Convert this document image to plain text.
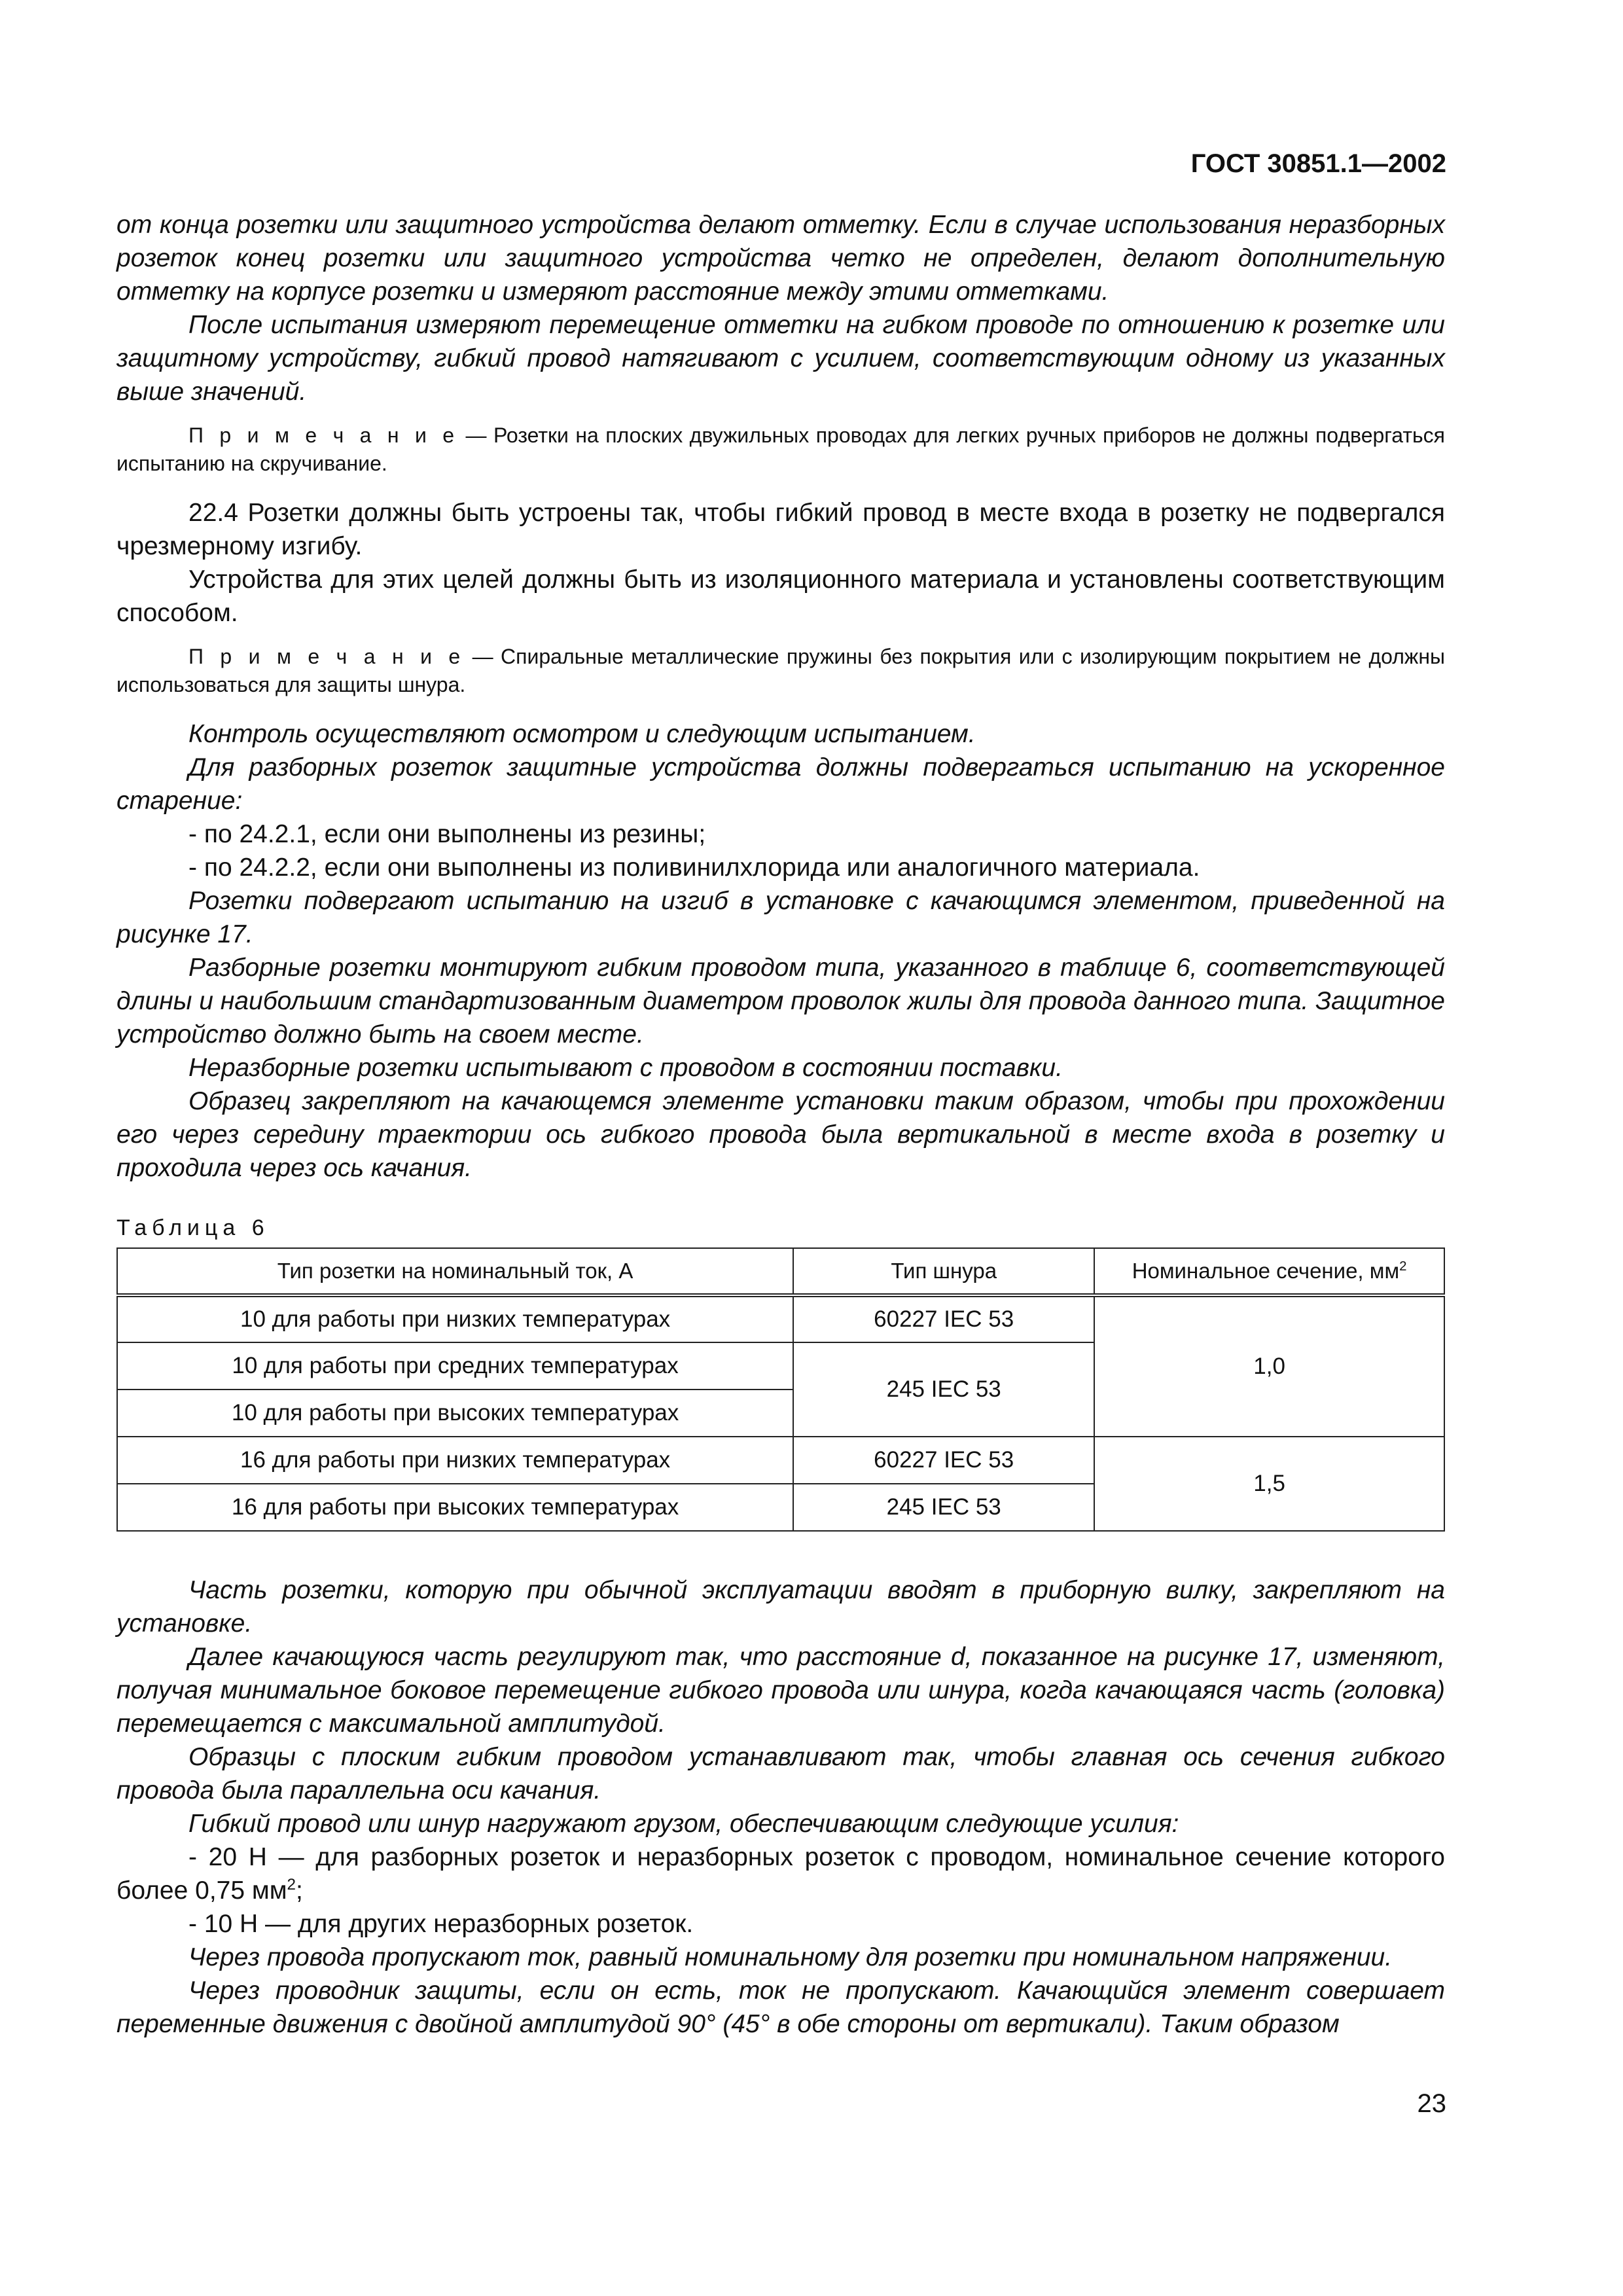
ГОСТ 30851.1—2002

от конца розетки или защитного устройства делают отметку. Если в случае использования неразборных розеток конец розетки или защитного устройства четко не определен, делают дополнительную отметку на корпусе розетки и измеряют расстояние между этими отметками.

После испытания измеряют перемещение отметки на гибком проводе по отношению к розетке или защитному устройству, гибкий провод натягивают с усилием, соответствующим одному из указанных выше значений.

П р и м е ч а н и е — Розетки на плоских двужильных проводах для легких ручных приборов не должны подвергаться испытанию на скручивание.

22.4 Розетки должны быть устроены так, чтобы гибкий провод в месте входа в розетку не подвергался чрезмерному изгибу.

Устройства для этих целей должны быть из изоляционного материала и установлены соответствующим способом.

П р и м е ч а н и е — Спиральные металлические пружины без покрытия или с изолирующим покрытием не должны использоваться для защиты шнура.

Контроль осуществляют осмотром и следующим испытанием.

Для разборных розеток защитные устройства должны подвергаться испытанию на ускоренное старение:

- по 24.2.1, если они выполнены из резины;

- по 24.2.2, если они выполнены из поливинилхлорида или аналогичного материала.

Розетки подвергают испытанию на изгиб в установке с качающимся элементом, приведенной на рисунке 17.

Разборные розетки монтируют гибким проводом типа, указанного в таблице 6, соответствующей длины и наибольшим стандартизованным диаметром проволок жилы для провода данного типа. Защитное устройство должно быть на своем месте.

Неразборные розетки испытывают с проводом в состоянии поставки.

Образец закрепляют на качающемся элементе установки таким образом, чтобы при прохождении его через середину траектории ось гибкого провода была вертикальной в месте входа в розетку и проходила через ось качания.

Таблица 6

Тип розетки на номинальный ток, А	Тип шнура	Номинальное сечение, $мм^2$
10 для работы при низких температурах	60227 IEC 53	1,0
10 для работы при средних температурах	245 IEC 53	
10 для работы при высоких температурах		
16 для работы при низких температурах	60227 IEC 53	1,5
16 для работы при высоких температурах	245 IEC 53	

Часть розетки, которую при обычной эксплуатации вводят в приборную вилку, закрепляют на установке.

Далее качающуюся часть регулируют так, что расстояние d, показанное на рисунке 17, изменяют, получая минимальное боковое перемещение гибкого провода или шнура, когда качающаяся часть (головка) перемещается с максимальной амплитудой.

Образцы с плоским гибким проводом устанавливают так, чтобы главная ось сечения гибкого провода была параллельна оси качания.

Гибкий провод или шнур нагружают грузом, обеспечивающим следующие усилия:

- 20 Н — для разборных розеток и неразборных розеток с проводом, номинальное сечение которого более 0,75 $мм^2$;

- 10 Н — для других неразборных розеток.

Через провода пропускают ток, равный номинальному для розетки при номинальном напряжении.

Через проводник защиты, если он есть, ток не пропускают. Качающийся элемент совершает переменные движения с двойной амплитудой 90° (45° в обе стороны от вертикали). Таким образом

23
